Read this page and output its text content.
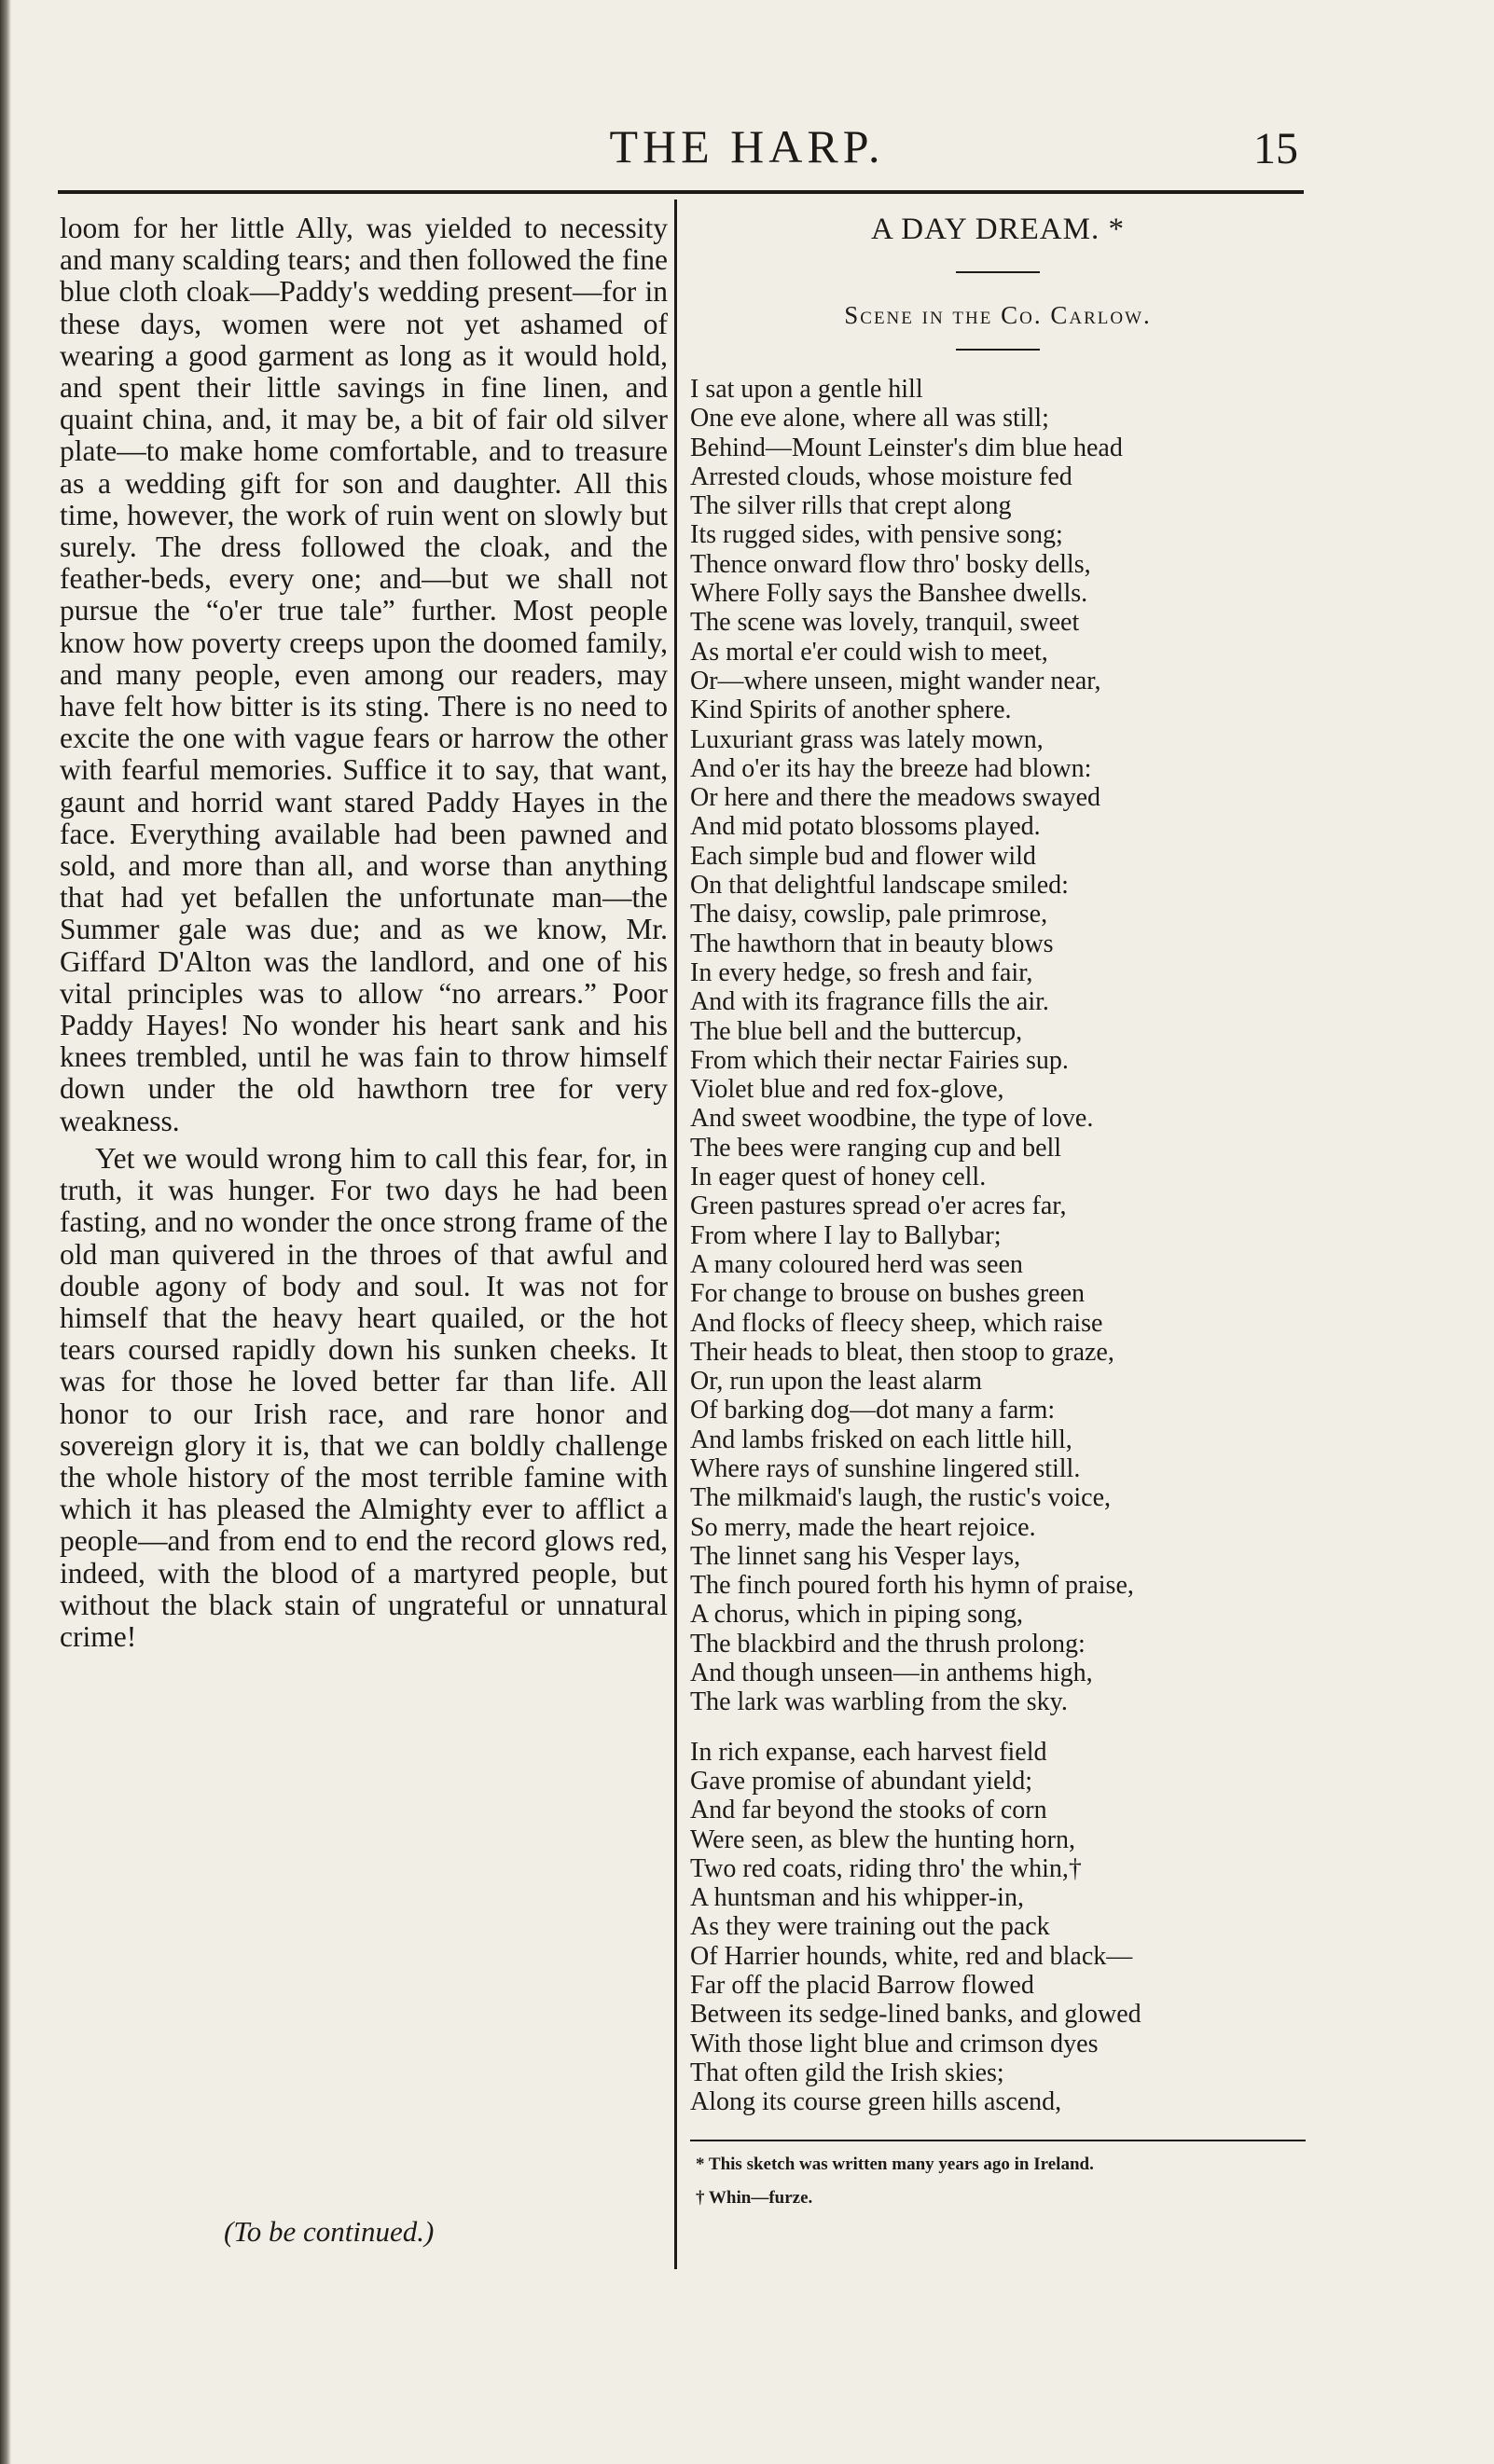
THE HARP.	15

loom for her little Ally, was yielded to necessity and many scalding tears; and then followed the fine blue cloth cloak—Paddy's wedding present—for in these days, women were not yet ashamed of wearing a good garment as long as it would hold, and spent their little savings in fine linen, and quaint china, and, it may be, a bit of fair old silver plate—to make home comfortable, and to treasure as a wedding gift for son and daughter. All this time, however, the work of ruin went on slowly but surely. The dress followed the cloak, and the feather-beds, every one; and—but we shall not pursue the “o'er true tale” further. Most people know how poverty creeps upon the doomed family, and many people, even among our readers, may have felt how bitter is its sting. There is no need to excite the one with vague fears or harrow the other with fearful memories. Suffice it to say, that want, gaunt and horrid want stared Paddy Hayes in the face. Everything available had been pawned and sold, and more than all, and worse than anything that had yet befallen the unfortunate man—the Summer gale was due; and as we know, Mr. Giffard D'Alton was the landlord, and one of his vital principles was to allow “no arrears.” Poor Paddy Hayes! No wonder his heart sank and his knees trembled, until he was fain to throw himself down under the old hawthorn tree for very weakness.

Yet we would wrong him to call this fear, for, in truth, it was hunger. For two days he had been fasting, and no wonder the once strong frame of the old man quivered in the throes of that awful and double agony of body and soul. It was not for himself that the heavy heart quailed, or the hot tears coursed rapidly down his sunken cheeks. It was for those he loved better far than life. All honor to our Irish race, and rare honor and sovereign glory it is, that we can boldly challenge the whole history of the most terrible famine with which it has pleased the Almighty ever to afflict a people—and from end to end the record glows red, indeed, with the blood of a martyred people, but without the black stain of ungrateful or unnatural crime!

(To be continued.)

A DAY DREAM. *

Scene in the Co. Carlow.

I sat upon a gentle hill
One eve alone, where all was still;
Behind—Mount Leinster's dim blue head
Arrested clouds, whose moisture fed
The silver rills that crept along
Its rugged sides, with pensive song;
Thence onward flow thro' bosky dells,
Where Folly says the Banshee dwells.
The scene was lovely, tranquil, sweet
As mortal e'er could wish to meet,
Or—where unseen, might wander near,
Kind Spirits of another sphere.
Luxuriant grass was lately mown,
And o'er its hay the breeze had blown:
Or here and there the meadows swayed
And mid potato blossoms played.
Each simple bud and flower wild
On that delightful landscape smiled:
The daisy, cowslip, pale primrose,
The hawthorn that in beauty blows
In every hedge, so fresh and fair,
And with its fragrance fills the air.
The blue bell and the buttercup,
From which their nectar Fairies sup.
Violet blue and red fox-glove,
And sweet woodbine, the type of love.
The bees were ranging cup and bell
In eager quest of honey cell.
Green pastures spread o'er acres far,
From where I lay to Ballybar;
A many coloured herd was seen
For change to brouse on bushes green
And flocks of fleecy sheep, which raise
Their heads to bleat, then stoop to graze,
Or, run upon the least alarm
Of barking dog—dot many a farm:
And lambs frisked on each little hill,
Where rays of sunshine lingered still.
The milkmaid's laugh, the rustic's voice,
So merry, made the heart rejoice.
The linnet sang his Vesper lays,
The finch poured forth his hymn of praise,
A chorus, which in piping song,
The blackbird and the thrush prolong:
And though unseen—in anthems high,
The lark was warbling from the sky.
In rich expanse, each harvest field
Gave promise of abundant yield;
And far beyond the stooks of corn
Were seen, as blew the hunting horn,
Two red coats, riding thro' the whin,†
A huntsman and his whipper-in,
As they were training out the pack
Of Harrier hounds, white, red and black—
Far off the placid Barrow flowed
Between its sedge-lined banks, and glowed
With those light blue and crimson dyes
That often gild the Irish skies;
Along its course green hills ascend,

* This sketch was written many years ago in Ireland.

† Whin—furze.
